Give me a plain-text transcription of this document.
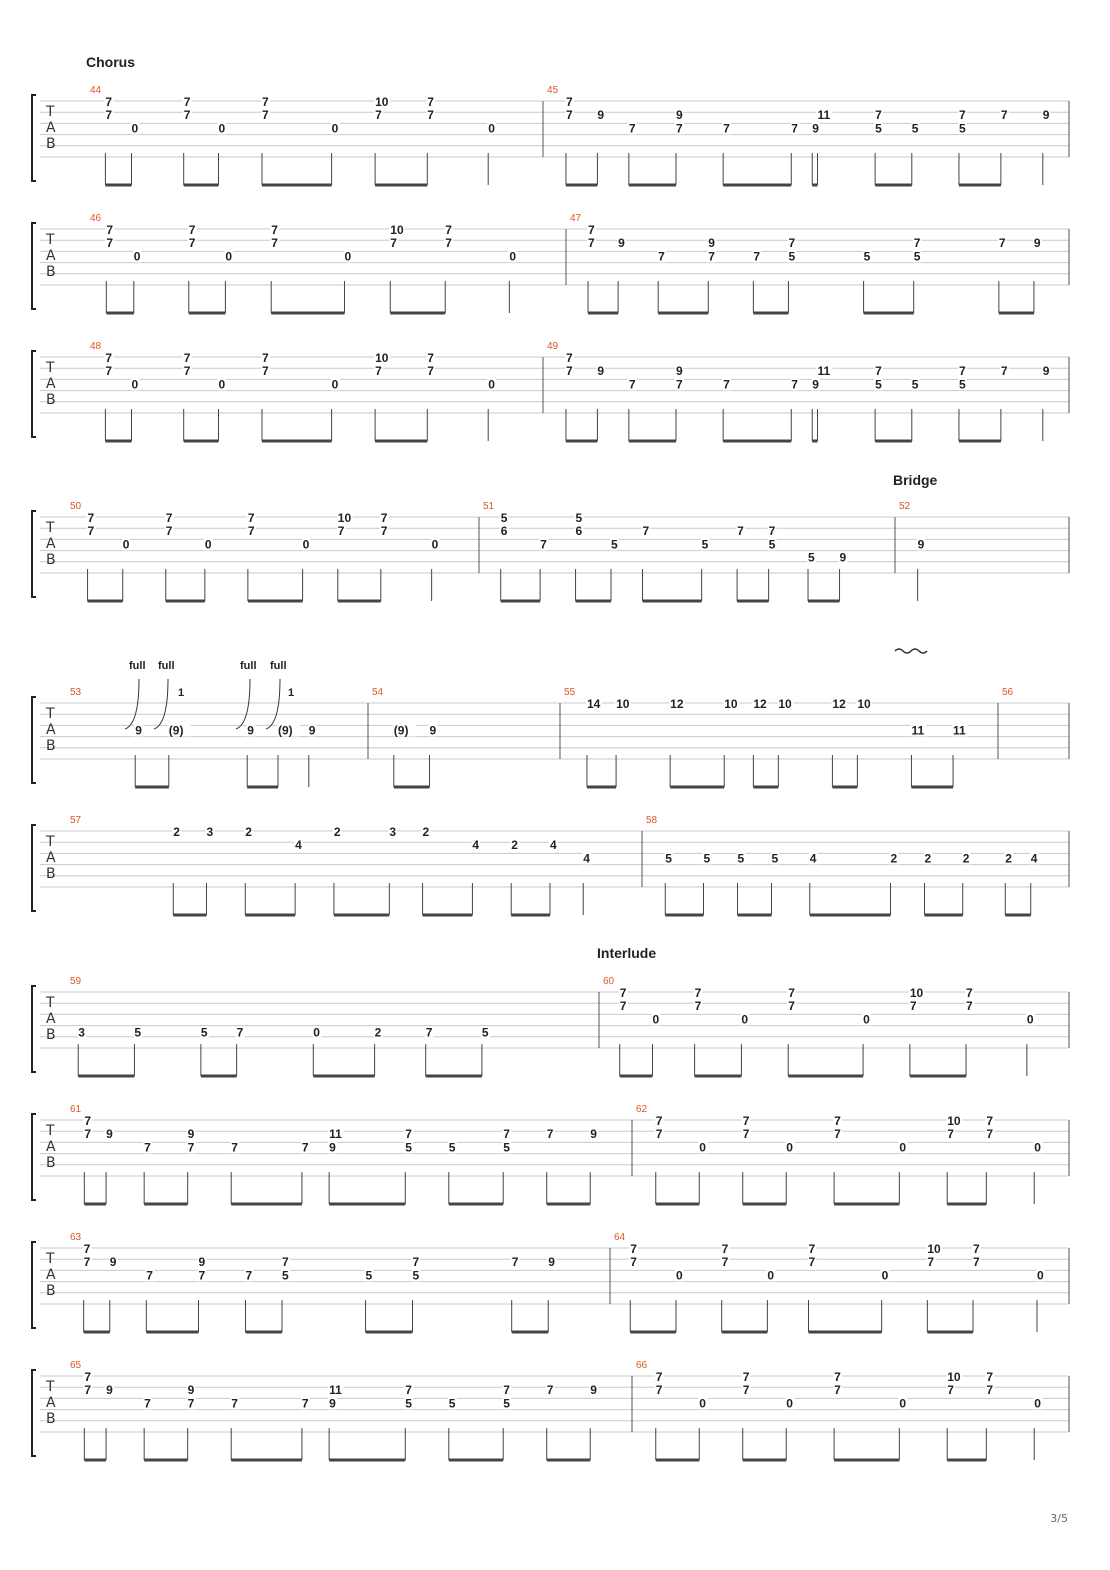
Chorus
Bridge
Interlude
T
A
B
44
7
7
0
7
7
0
7
7
0
10
7
7
7
0
45
7
7 9
7
9
7	7
11
7 9
7
5 5
7
5
7	9
T
A
B
46
7
7
0
7
7
0
7
7
0
10
7
7
7
0
47
7
7 9
7
9
7	7 5
7
5
7
5
7 9
T
A
B
48
7
7
0
7
7
0
7
7
0
10
7
7
7
0
49
7
7 9
7
9
7	7
11
7 9
7
5 5
7
5
7	9
T
A
B
50
7
7
0
7
7
0
7
7
0
10
7
7
7
0
51
5
6
7
5
6
5
7
5
7 7
5
5 9
52
9
T
A
B
53
9 (9)	9 (9) 9
54
(9) 9
55
14 10	12	10 12 10	12 10
11 11
56
T
A
B
57
2 3	2
4
2	3 2
4	2	4
4
58
5	5 5 5	4	2 2	2	2 4
T
A
B
59
3	5	5 7	0	2	7	5
60
7
7
0
7
7
0
7
7
0
10
7
7
7
0
T
A
B
61
7
7 9
7
9
7	7
11
7 9
7
5	5
7
5
7	9
62
7
7
0
7
7
0
7
7
0
10
7
7
7
0
T
A
B
63
7
7 9
7
9
7	7 5
7
5
7
5
7 9
64
7
7
0
7
7
0
7
7
0
10
7
7
7
0
T
A
B
65
7
7 9
7
9
7	7
11
7 9
7
5	5
7
5
7	9
66
7
7
0
7
7
0
7
7
0
10
7
7
7
0
full full	full full
1	1
3/5
